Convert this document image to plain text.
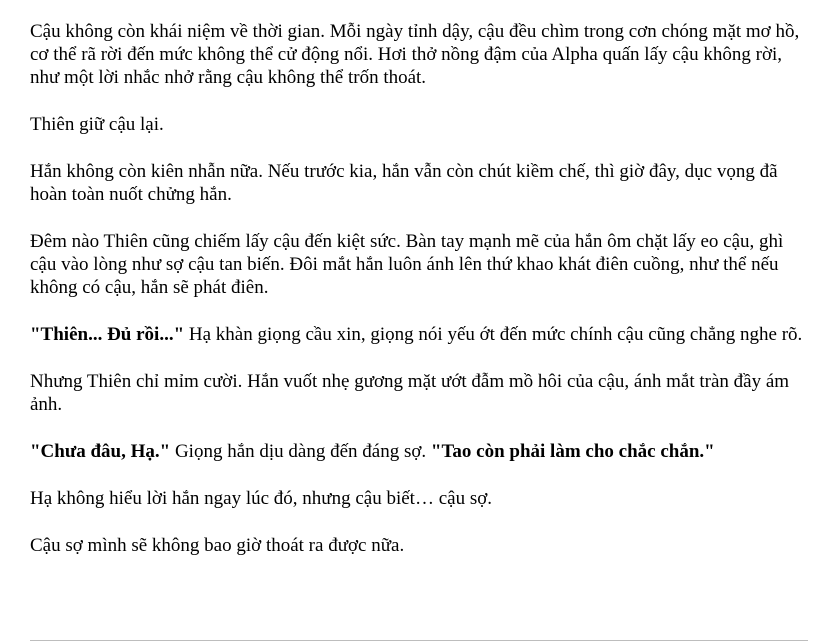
Cậu không còn khái niệm về thời gian. Mỗi ngày tỉnh dậy, cậu đều chìm trong cơn chóng mặt mơ hồ, cơ thể rã rời đến mức không thể cử động nổi. Hơi thở nồng đậm của Alpha quấn lấy cậu không rời, như một lời nhắc nhở rằng cậu không thể trốn thoát.

Thiên giữ cậu lại.

Hắn không còn kiên nhẫn nữa. Nếu trước kia, hắn vẫn còn chút kiềm chế, thì giờ đây, dục vọng đã hoàn toàn nuốt chửng hắn.

Đêm nào Thiên cũng chiếm lấy cậu đến kiệt sức. Bàn tay mạnh mẽ của hắn ôm chặt lấy eo cậu, ghì cậu vào lòng như sợ cậu tan biến. Đôi mắt hắn luôn ánh lên thứ khao khát điên cuồng, như thể nếu không có cậu, hắn sẽ phát điên.

"Thiên... Đủ rồi..." Hạ khàn giọng cầu xin, giọng nói yếu ớt đến mức chính cậu cũng chẳng nghe rõ.

Nhưng Thiên chỉ mỉm cười. Hắn vuốt nhẹ gương mặt ướt đẫm mồ hôi của cậu, ánh mắt tràn đầy ám ảnh.

"Chưa đâu, Hạ." Giọng hắn dịu dàng đến đáng sợ. "Tao còn phải làm cho chắc chắn."

Hạ không hiểu lời hắn ngay lúc đó, nhưng cậu biết… cậu sợ.

Cậu sợ mình sẽ không bao giờ thoát ra được nữa.
